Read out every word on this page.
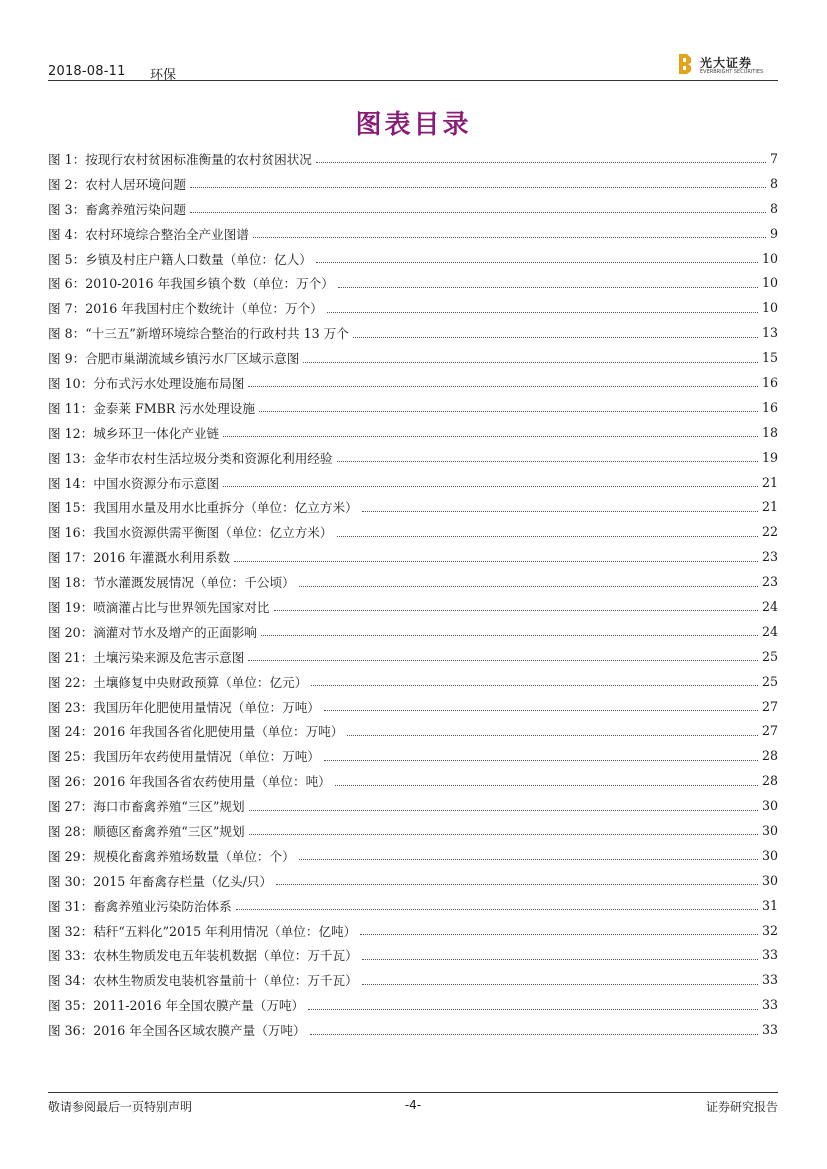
2018-08-11 环保
光大证券
EVERBRIGHT SECURITIES
图表目录
图 1：按现行农村贫困标准衡量的农村贫困状况	7
图 2：农村人居环境问题	8
图 3：畜禽养殖污染问题	8
图 4：农村环境综合整治全产业图谱	9
图 5：乡镇及村庄户籍人口数量（单位：亿人）	10
图 6：2010-2016 年我国乡镇个数（单位：万个）	10
图 7：2016 年我国村庄个数统计（单位：万个）	10
图 8：“十三五”新增环境综合整治的行政村共 13 万个	13
图 9：合肥市巢湖流域乡镇污水厂区域示意图	15
图 10：分布式污水处理设施布局图	16
图 11：金泰莱 FMBR 污水处理设施	16
图 12：城乡环卫一体化产业链	18
图 13：金华市农村生活垃圾分类和资源化利用经验	19
图 14：中国水资源分布示意图	21
图 15：我国用水量及用水比重拆分（单位：亿立方米）	21
图 16：我国水资源供需平衡图（单位：亿立方米）	22
图 17：2016 年灌溉水利用系数	23
图 18：节水灌溉发展情况（单位：千公顷）	23
图 19：喷滴灌占比与世界领先国家对比	24
图 20：滴灌对节水及增产的正面影响	24
图 21：土壤污染来源及危害示意图	25
图 22：土壤修复中央财政预算（单位：亿元）	25
图 23：我国历年化肥使用量情况（单位：万吨）	27
图 24：2016 年我国各省化肥使用量（单位：万吨）	27
图 25：我国历年农药使用量情况（单位：万吨）	28
图 26：2016 年我国各省农药使用量（单位：吨）	28
图 27：海口市畜禽养殖“三区”规划	30
图 28：顺德区畜禽养殖“三区”规划	30
图 29：规模化畜禽养殖场数量（单位：个）	30
图 30：2015 年畜禽存栏量（亿头/只）	30
图 31：畜禽养殖业污染防治体系	31
图 32：秸秆“五料化”2015 年利用情况（单位：亿吨）	32
图 33：农林生物质发电五年装机数据（单位：万千瓦）	33
图 34：农林生物质发电装机容量前十（单位：万千瓦）	33
图 35：2011-2016 年全国农膜产量（万吨）	33
图 36：2016 年全国各区域农膜产量（万吨）	33
敬请参阅最后一页特别声明	-4-	证券研究报告
